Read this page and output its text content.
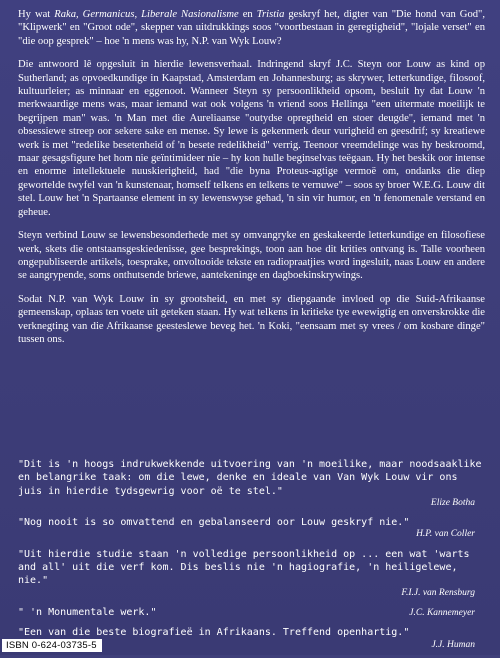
Hy wat Raka, Germanicus, Liberale Nasionalisme en Tristia geskryf het, digter van "Die hond van God", "Klipwerk" en "Groot ode", skepper van uitdrukkings soos "voortbestaan in geregtigheid", "lojale verset" en "die oop gesprek" – hoe 'n mens was hy, N.P. van Wyk Louw?

Die antwoord lê opgesluit in hierdie lewensverhaal. Indringend skryf J.C. Steyn oor Louw as kind op Sutherland; as opvoedkundige in Kaapstad, Amsterdam en Johannesburg; as skrywer, letterkundige, filosoof, kultuurleier; as minnaar en eggenoot. Wanneer Steyn sy persoonlikheid opsom, besluit hy dat Louw 'n merkwaardige mens was, maar iemand wat ook volgens 'n vriend soos Hellinga "een uitermate moeilijk te begrijpen man" was. 'n Man met die Aureliaanse "outydse opregtheid en stoer deugde", iemand met 'n obsessiewe streep oor sekere sake en mense. Sy lewe is gekenmerk deur vurigheid en geesdrif; sy kreatiewe werk is met "redelike besetenheid of 'n besete redelikheid" verrig. Teenoor vreemdelinge was hy beskroomd, maar gesagsfigure het hom nie geïntimideer nie – hy kon hulle beginselvas teëgaan. Hy het beskik oor intense en enorme intellektuele nuuskierigheid, had "die byna Proteus-agtige vermoë om, ondanks die diep gewortelde twyfel van 'n kunstenaar, homself telkens en telkens te vernuwe" – soos sy broer W.E.G. Louw dit stel. Louw het 'n Spartaanse element in sy lewenswyse gehad, 'n sin vir humor, en 'n fenomenale verstand en geheue.

Steyn verbind Louw se lewensbesonderhede met sy omvangryke en geskakeerde letterkundige en filosofiese werk, skets die ontstaansgeskiedenisse, gee besprekings, toon aan hoe dit krities ontvang is. Talle voorheen ongepubliseerde artikels, toesprake, onvoltooide tekste en radiopraatjies word ingesluit, naas Louw en andere se aangrypende, soms onthutsende briewe, aantekeninge en dagboekinskrywings.

Sodat N.P. van Wyk Louw in sy grootsheid, en met sy diepgaande invloed op die Suid-Afrikaanse gemeenskap, oplaas ten voete uit geteken staan. Hy wat telkens in kritieke tye ewewigtig en onverskrokke die verknegting van die Afrikaanse geesteslewe beveg het. 'n Koki, "eensaam met sy vrees / om kosbare dinge" tussen ons.

"Dit is 'n hoogs indrukwekkende uitvoering van 'n moeilike, maar noodsaaklike en belangrike taak: om die lewe, denke en ideale van Van Wyk Louw vir ons juis in hierdie tydsgewrig voor oë te stel."
Elize Botha
"Nog nooit is so omvattend en gebalanseerd oor Louw geskryf nie."
H.P. van Coller
"Uit hierdie studie staan 'n volledige persoonlikheid op ... een wat 'warts and all' uit die verf kom. Dis beslis nie 'n hagiografie, 'n heiligelewe, nie."
F.I.J. van Rensburg
" 'n Monumentale werk."	J.C. Kannemeyer
"Een van die beste biografieë in Afrikaans. Treffend openhartig."
J.J. Human
ISBN 0-624-03735-5
